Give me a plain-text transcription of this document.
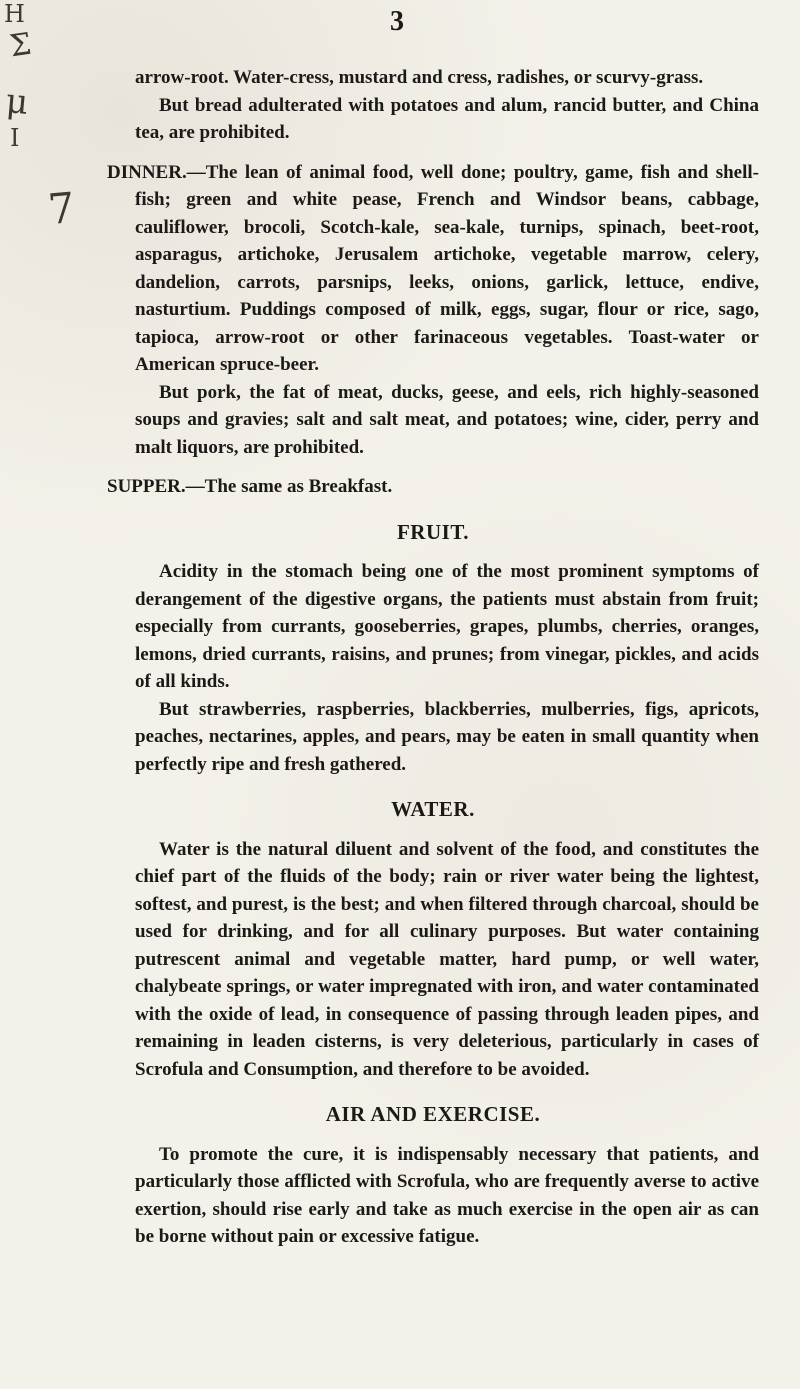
3
H
Ʃ
μ
I
7

arrow-root. Water-cress, mustard and cress, radishes, or scurvy-grass.

But bread adulterated with potatoes and alum, rancid butter, and China tea, are prohibited.

DINNER.—The lean of animal food, well done; poultry, game, fish and shell-fish; green and white pease, French and Windsor beans, cabbage, cauliflower, brocoli, Scotch-kale, sea-kale, turnips, spinach, beet-root, asparagus, artichoke, Jerusalem artichoke, vegetable marrow, celery, dandelion, carrots, parsnips, leeks, onions, garlick, lettuce, endive, nasturtium. Puddings composed of milk, eggs, sugar, flour or rice, sago, tapioca, arrow-root or other farinaceous vegetables. Toast-water or American spruce-beer.

But pork, the fat of meat, ducks, geese, and eels, rich highly-seasoned soups and gravies; salt and salt meat, and potatoes; wine, cider, perry and malt liquors, are prohibited.

SUPPER.—The same as Breakfast.

FRUIT.

Acidity in the stomach being one of the most prominent symptoms of derangement of the digestive organs, the patients must abstain from fruit; especially from currants, gooseberries, grapes, plumbs, cherries, oranges, lemons, dried currants, raisins, and prunes; from vinegar, pickles, and acids of all kinds.

But strawberries, raspberries, blackberries, mulberries, figs, apricots, peaches, nectarines, apples, and pears, may be eaten in small quantity when perfectly ripe and fresh gathered.

WATER.

Water is the natural diluent and solvent of the food, and constitutes the chief part of the fluids of the body; rain or river water being the lightest, softest, and purest, is the best; and when filtered through charcoal, should be used for drinking, and for all culinary purposes. But water containing putrescent animal and vegetable matter, hard pump, or well water, chalybeate springs, or water impregnated with iron, and water contaminated with the oxide of lead, in consequence of passing through leaden pipes, and remaining in leaden cisterns, is very deleterious, particularly in cases of Scrofula and Consumption, and therefore to be avoided.

AIR AND EXERCISE.

To promote the cure, it is indispensably necessary that patients, and particularly those afflicted with Scrofula, who are frequently averse to active exertion, should rise early and take as much exercise in the open air as can be borne without pain or excessive fatigue.
